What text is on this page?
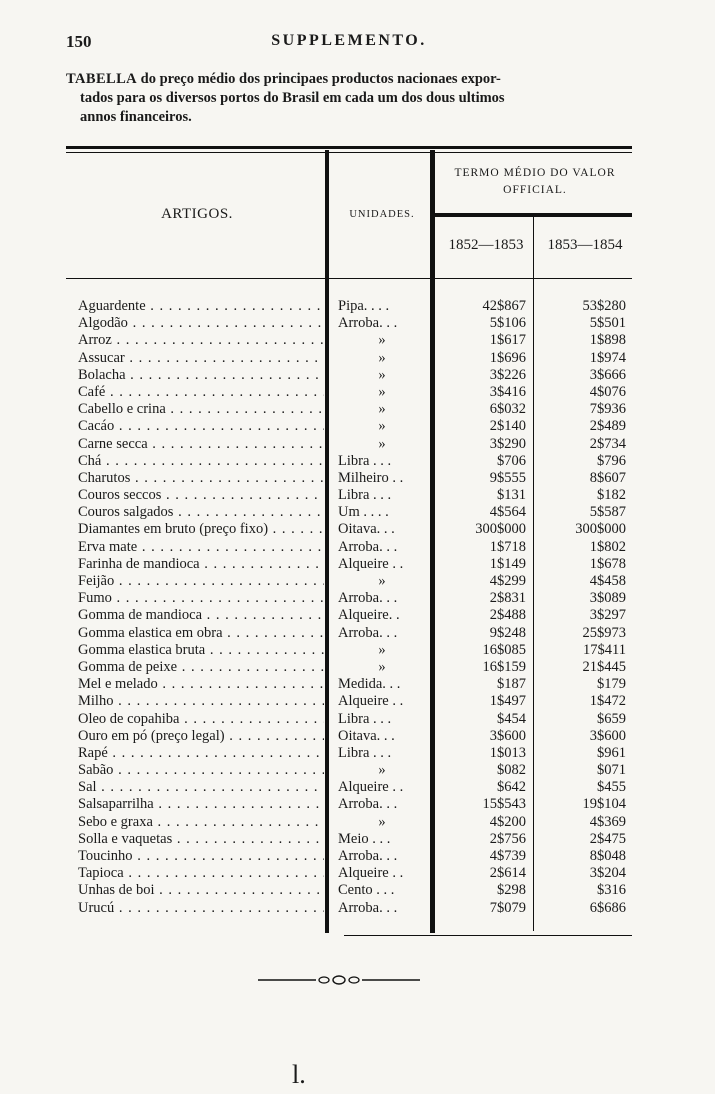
150	SUPPLEMENTO.
TABELLA do preço médio dos principaes productos nacionaes expor-
tados para os diversos portos do Brasil em cada um dos dous ultimos
annos financeiros.
ARTIGOS.	UNIDADES.
TERMO MÉDIO DO VALOR
OFFICIAL.
1852—1853	1853—1854
Aguardente . . .	Pipa. . . .	42$867	53$280
Algodão . . .	Arroba. . .	5$106	5$501
Arroz . . .	»	1$617	1$898
Assucar . . .	»	1$696	1$974
Bolacha . . .	»	3$226	3$666
Café . . .	»	3$416	4$076
Cabello e crina . . .	»	6$032	7$936
Cacáo . . .	»	2$140	2$489
Carne secca . . .	»	3$290	2$734
Chá . . .	Libra . . .	$706	$796
Charutos . . .	Milheiro . .	9$555	8$607
Couros seccos . . .	Libra . . .	$131	$182
Couros salgados . . .	Um . . . .	4$564	5$587
Diamantes em bruto (preço fixo) . . .	Oitava. . .	300$000	300$000
Erva mate . . .	Arroba. . .	1$718	1$802
Farinha de mandioca . . .	Alqueire . .	1$149	1$678
Feijão . . .	»	4$299	4$458
Fumo . . .	Arroba. . .	2$831	3$089
Gomma de mandioca . . .	Alqueire. .	2$488	3$297
Gomma elastica em obra . . .	Arroba. . .	9$248	25$973
Gomma elastica bruta . . .	»	16$085	17$411
Gomma de peixe . . .	»	16$159	21$445
Mel e melado . . .	Medida. . .	$187	$179
Milho . . .	Alqueire . .	1$497	1$472
Oleo de copahiba . . .	Libra . . .	$454	$659
Ouro em pó (preço legal) . . .	Oitava. . .	3$600	3$600
Rapé . . .	Libra . . .	1$013	$961
Sabão . . .	»	$082	$071
Sal . . .	Alqueire . .	$642	$455
Salsaparrilha . . .	Arroba. . .	15$543	19$104
Sebo e graxa . . .	»	4$200	4$369
Solla e vaquetas . . .	Meio . . .	2$756	2$475
Toucinho . . .	Arroba. . .	4$739	8$048
Tapioca . . .	Alqueire . .	2$614	3$204
Unhas de boi . . .	Cento . . .	$298	$316
Urucú . . .	Arroba. . .	7$079	6$686
l.
